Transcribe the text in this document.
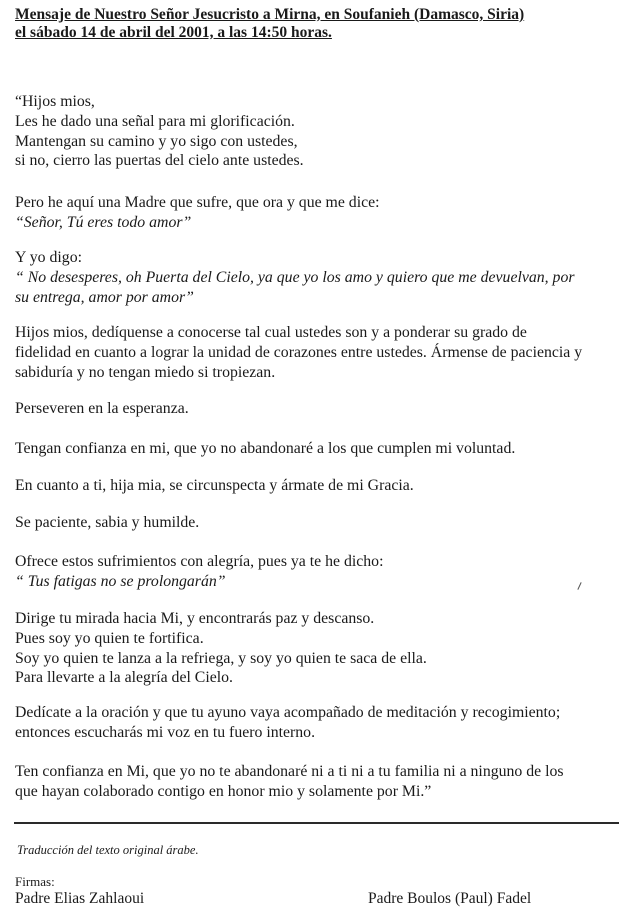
Mensaje de Nuestro Señor Jesucristo a Mirna, en Soufanieh (Damasco, Siria)
el sábado 14 de abril del 2001, a las 14:50 horas.
“Hijos mios,
Les he dado una señal para mi glorificación.
Mantengan su camino y yo sigo con ustedes,
si no, cierro las puertas del cielo ante ustedes.
Pero he aquí una Madre que sufre, que ora y que me dice:
“Señor, Tú eres todo amor”
Y yo digo:
“ No desesperes, oh Puerta del Cielo, ya que yo los amo y quiero que me devuelvan, por
su entrega, amor por amor”
Hijos mios, dedíquense a conocerse tal cual ustedes son y a ponderar su grado de
fidelidad en cuanto a lograr la unidad de corazones entre ustedes. Ármense de paciencia y
sabiduría y no tengan miedo si tropiezan.
Perseveren en la esperanza.
Tengan confianza en mi, que yo no abandonaré a los que cumplen mi voluntad.
En cuanto a ti, hija mia, se circunspecta y ármate de mi Gracia.
Se paciente, sabia y humilde.
Ofrece estos sufrimientos con alegría, pues ya te he dicho:
“ Tus fatigas no se prolongarán”
Dirige tu mirada hacia Mi, y encontrarás paz y descanso.
Pues soy yo quien te fortifica.
Soy yo quien te lanza a la refriega, y soy yo quien te saca de ella.
Para llevarte a la alegría del Cielo.
Dedícate a la oración y que tu ayuno vaya acompañado de meditación y recogimiento;
entonces escucharás mi voz en tu fuero interno.
Ten confianza en Mi, que yo no te abandonaré ni a ti ni a tu familia ni a ninguno de los
que hayan colaborado contigo en honor mio y solamente por Mi.”
Traducción del texto original árabe.
Firmas:
Padre Elias Zahlaoui	Padre Boulos (Paul) Fadel
